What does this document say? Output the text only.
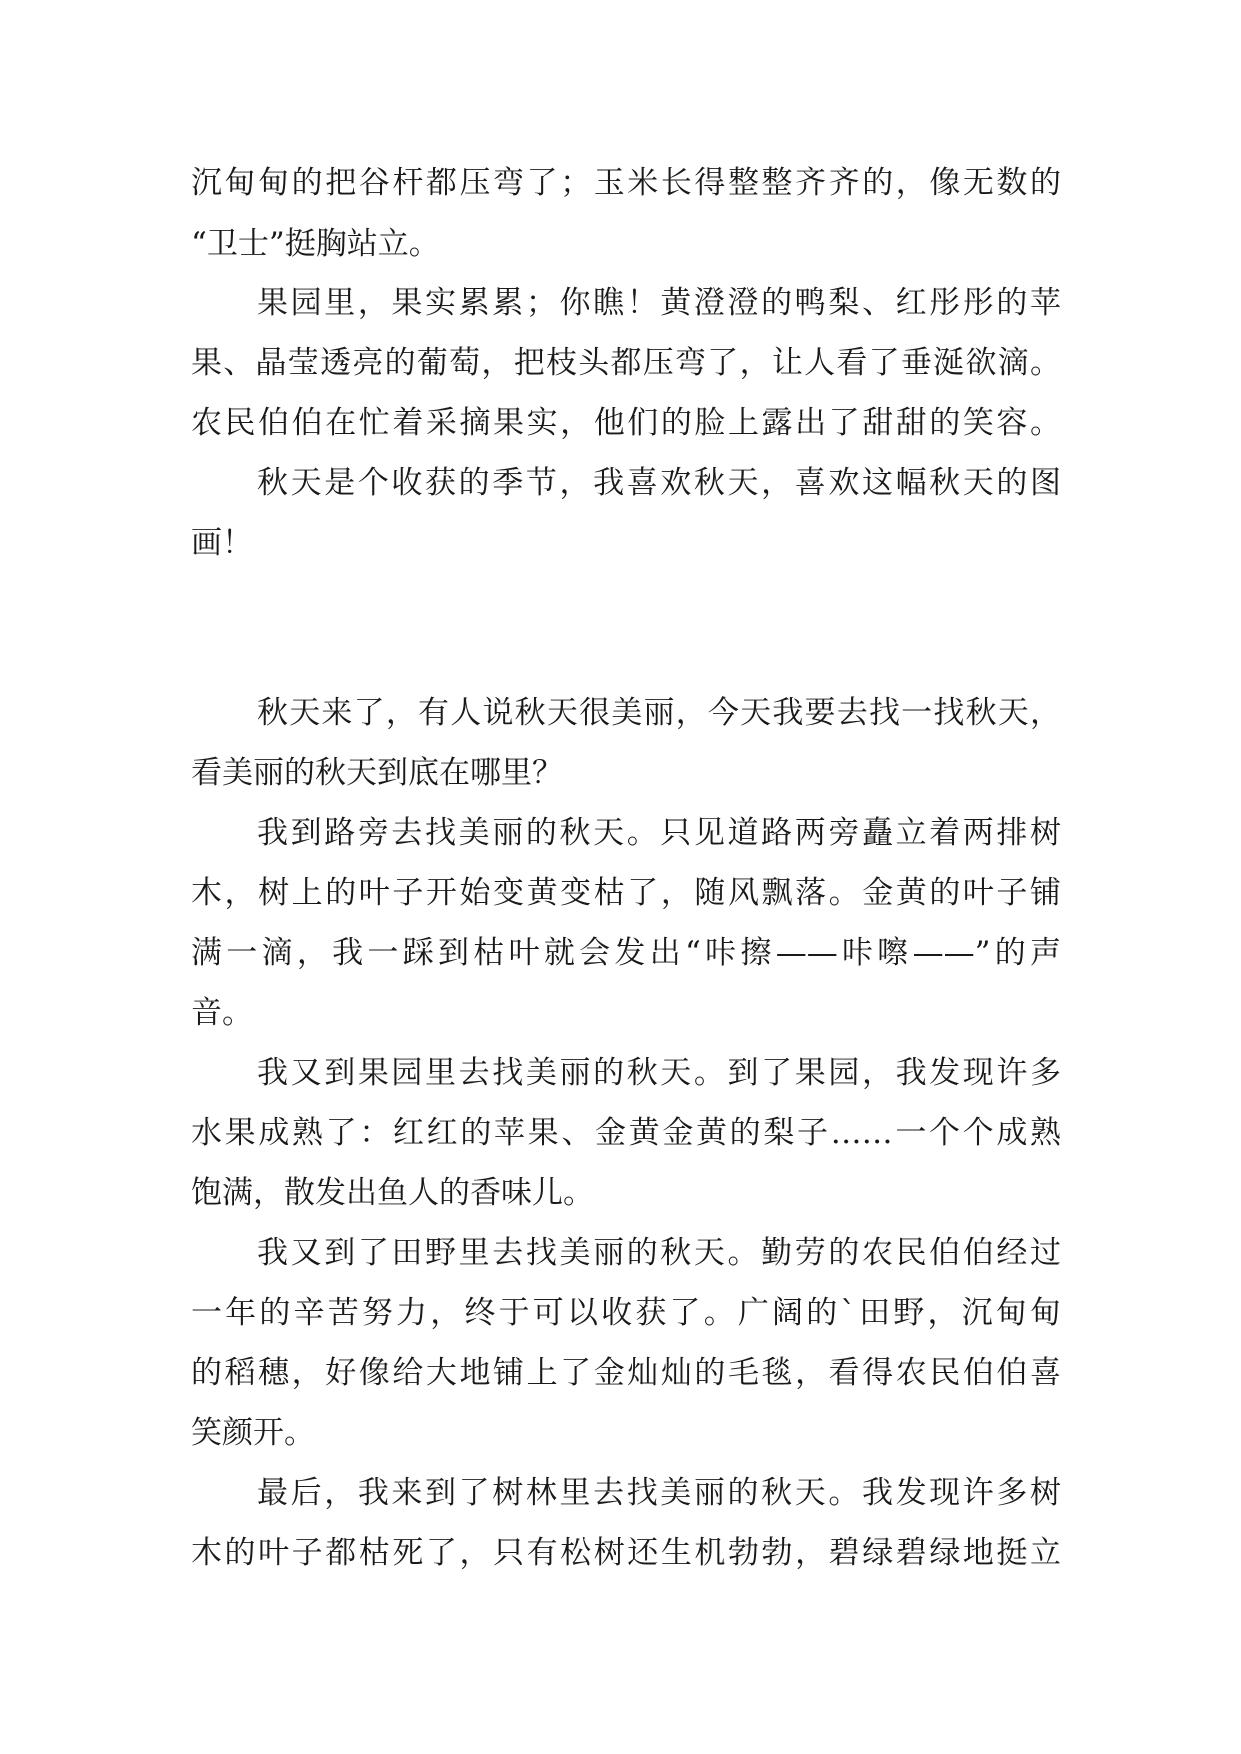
沉甸甸的把谷杆都压弯了；玉米长得整整齐齐的，像无数的
“卫士”挺胸站立。
果园里，果实累累；你瞧！黄澄澄的鸭梨、红彤彤的苹
果、晶莹透亮的葡萄，把枝头都压弯了，让人看了垂涎欲滴。
农民伯伯在忙着采摘果实，他们的脸上露出了甜甜的笑容。
秋天是个收获的季节，我喜欢秋天，喜欢这幅秋天的图
画！
秋天来了，有人说秋天很美丽，今天我要去找一找秋天，
看美丽的秋天到底在哪里？
我到路旁去找美丽的秋天。只见道路两旁矗立着两排树
木，树上的叶子开始变黄变枯了，随风飘落。金黄的叶子铺
满一滴，我一踩到枯叶就会发出“咔擦——咔嚓——”的声
音。
我又到果园里去找美丽的秋天。到了果园，我发现许多
水果成熟了：红红的苹果、金黄金黄的梨子……一个个成熟
饱满，散发出鱼人的香味儿。
我又到了田野里去找美丽的秋天。勤劳的农民伯伯经过
一年的辛苦努力，终于可以收获了。广阔的`田野，沉甸甸
的稻穗，好像给大地铺上了金灿灿的毛毯，看得农民伯伯喜
笑颜开。
最后，我来到了树林里去找美丽的秋天。我发现许多树
木的叶子都枯死了，只有松树还生机勃勃，碧绿碧绿地挺立
